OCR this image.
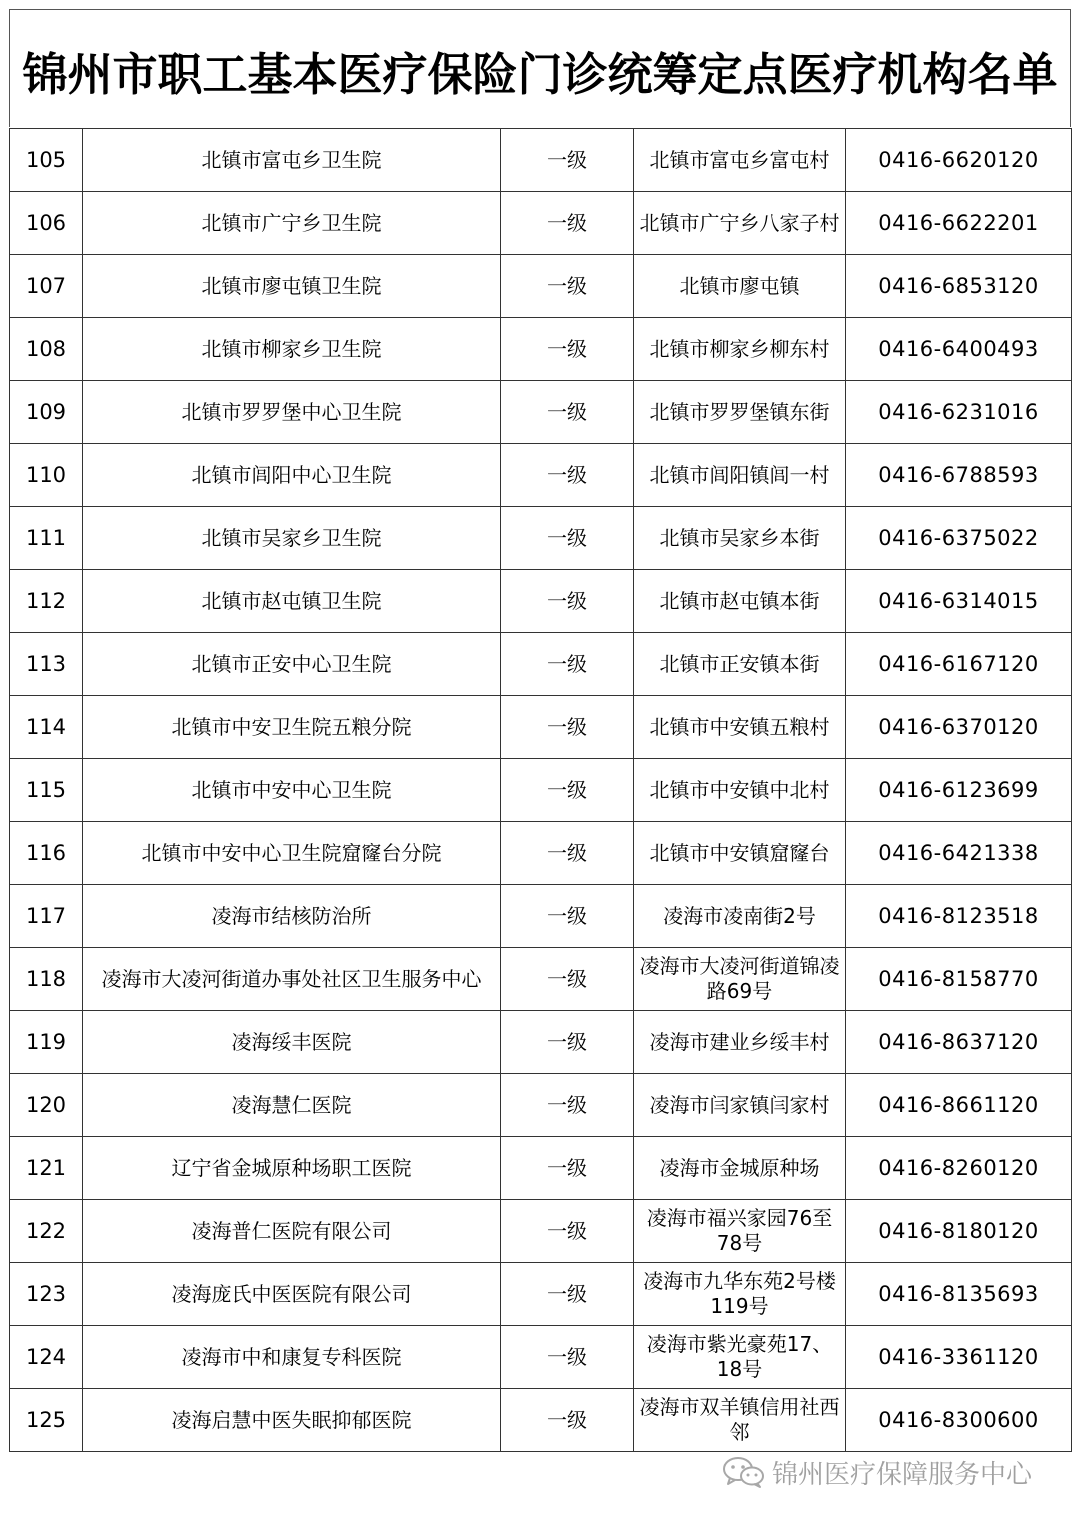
锦州市职工基本医疗保险门诊统筹定点医疗机构名单
105	北镇市富屯乡卫生院	一级	北镇市富屯乡富屯村	0416-6620120
106	北镇市广宁乡卫生院	一级	北镇市广宁乡八家子村	0416-6622201
107	北镇市廖屯镇卫生院	一级	北镇市廖屯镇	0416-6853120
108	北镇市柳家乡卫生院	一级	北镇市柳家乡柳东村	0416-6400493
109	北镇市罗罗堡中心卫生院	一级	北镇市罗罗堡镇东街	0416-6231016
110	北镇市闾阳中心卫生院	一级	北镇市闾阳镇闾一村	0416-6788593
111	北镇市吴家乡卫生院	一级	北镇市吴家乡本街	0416-6375022
112	北镇市赵屯镇卫生院	一级	北镇市赵屯镇本街	0416-6314015
113	北镇市正安中心卫生院	一级	北镇市正安镇本街	0416-6167120
114	北镇市中安卫生院五粮分院	一级	北镇市中安镇五粮村	0416-6370120
115	北镇市中安中心卫生院	一级	北镇市中安镇中北村	0416-6123699
116	北镇市中安中心卫生院窟窿台分院	一级	北镇市中安镇窟窿台	0416-6421338
117	凌海市结核防治所	一级	凌海市凌南街2号	0416-8123518
118	凌海市大凌河街道办事处社区卫生服务中心	一级	凌海市大凌河街道锦凌路69号	0416-8158770
119	凌海绥丰医院	一级	凌海市建业乡绥丰村	0416-8637120
120	凌海慧仁医院	一级	凌海市闫家镇闫家村	0416-8661120
121	辽宁省金城原种场职工医院	一级	凌海市金城原种场	0416-8260120
122	凌海普仁医院有限公司	一级	凌海市福兴家园76至78号	0416-8180120
123	凌海庞氏中医医院有限公司	一级	凌海市九华东苑2号楼119号	0416-8135693
124	凌海市中和康复专科医院	一级	凌海市紫光豪苑17、18号	0416-3361120
125	凌海启慧中医失眠抑郁医院	一级	凌海市双羊镇信用社西邻	0416-8300600
锦州医疗保障服务中心
